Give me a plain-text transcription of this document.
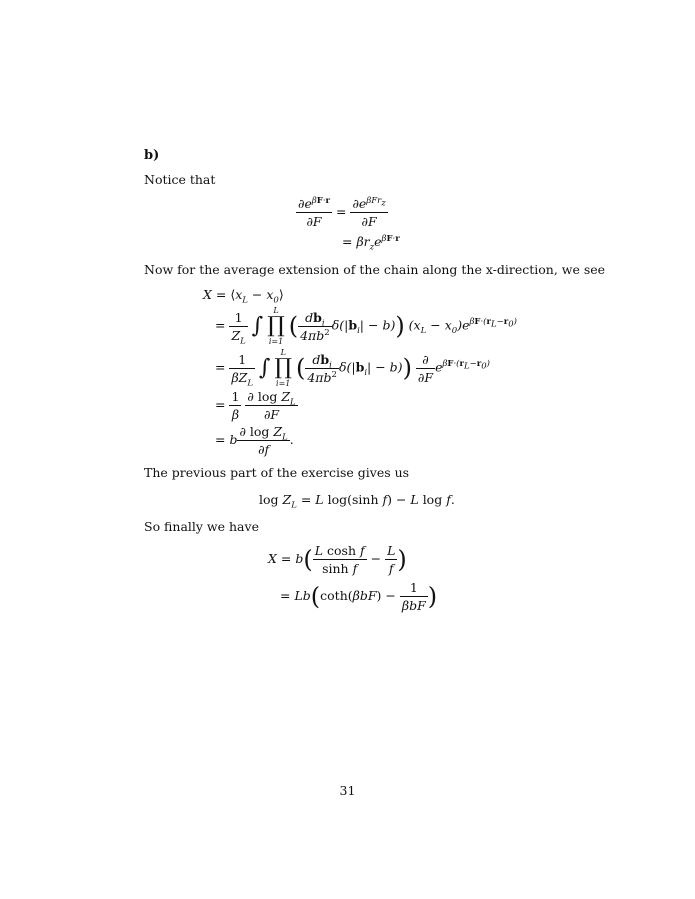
b)
Notice that
$\frac{\partial e^{\beta F\cdot r}}{\partial F} = \frac{\partial e^{\beta Fr_z}}{\partial F}$
= $\beta r_ze^{\beta F\cdot r}$
Now for the average extension of the chain along the x-direction, we see
$X = ⟨x_L$ − $x_0⟩$
= $\frac{1}{Z_L}$ ∫ L
∏
i=1 ( $\frac{db_i}{4\pi b^2} \delta(|b_i| - b)$) $(x_L - x_0)e^{\beta F\cdot(r_L-r_0)}$
= $\frac{1}{\beta Z_L}$ ∫ L
∏
i=1 ( $\frac{db_i}{4\pi b^2} \delta(|b_i| - b)) \frac{\partial}{\partial F} e^{\beta F\cdot(r_L-r_0)}$
= $\frac{1}{\beta}$
$\frac{\partial \log Z_L}{\partial F}$
= b $\frac{\partial \log Z_L}{\partial f}$ .
The previous part of the exercise gives us
$\log Z_L = L$ log(sinh f) − L log f.
So finally we have
$X = b( \frac{\text{L cosh f}}{\text{sinh f}} - \frac{L}{f}$ )
= $Lb(\cot h(\beta bF) - \frac{1}{\text{βbF}}$ )
31
